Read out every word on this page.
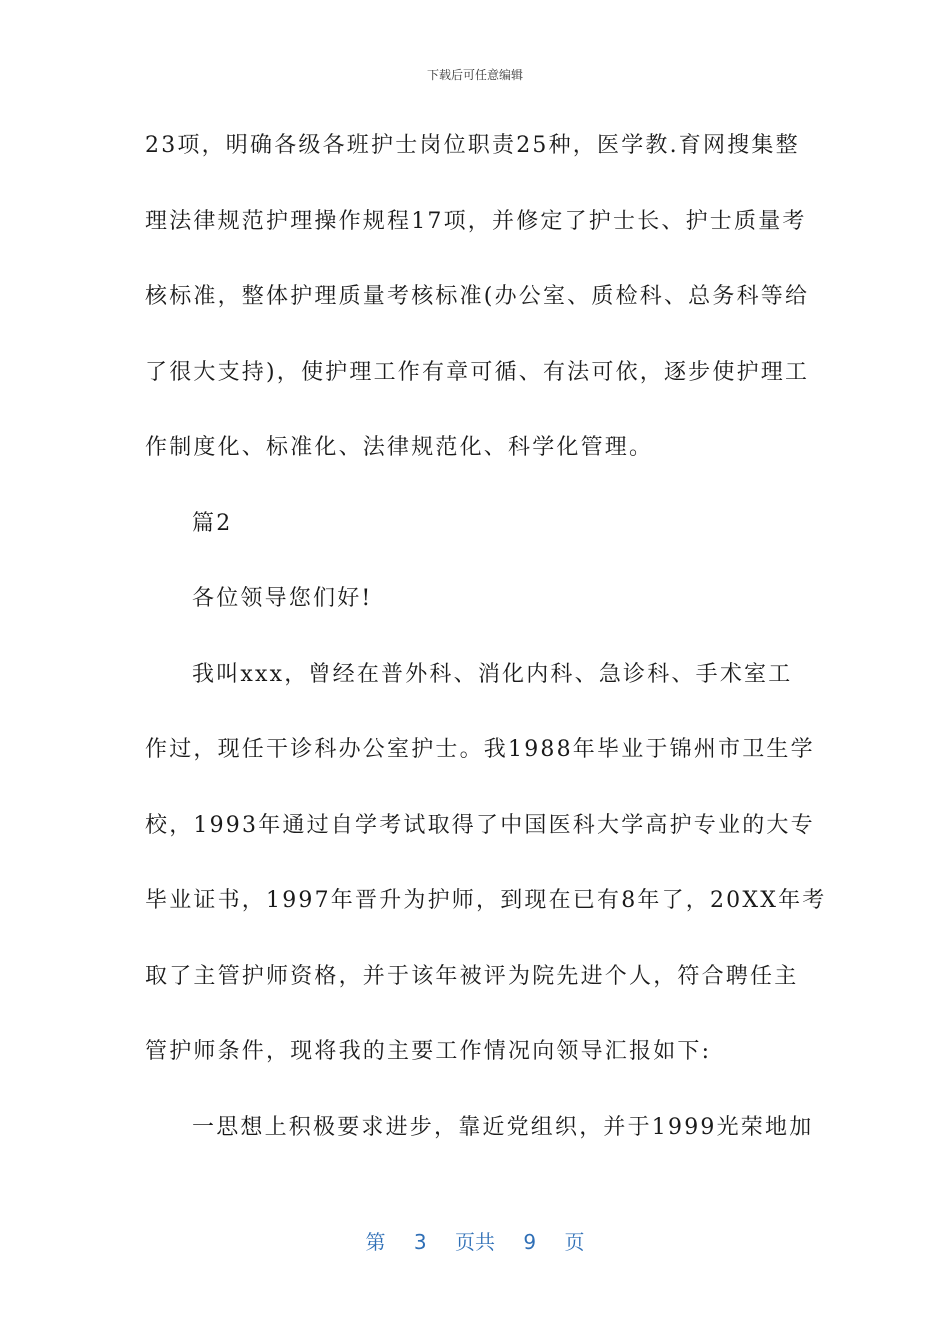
下载后可任意编辑
23项，明确各级各班护士岗位职责25种，医学教.育网搜集整
理法律规范护理操作规程17项，并修定了护士长、护士质量考
核标准，整体护理质量考核标准(办公室、质检科、总务科等给
了很大支持)，使护理工作有章可循、有法可依，逐步使护理工
作制度化、标准化、法律规范化、科学化管理。
篇2
各位领导您们好!
我叫xxx，曾经在普外科、消化内科、急诊科、手术室工
作过，现任干诊科办公室护士。我1988年毕业于锦州市卫生学
校，1993年通过自学考试取得了中国医科大学高护专业的大专
毕业证书，1997年晋升为护师，到现在已有8年了，20XX年考
取了主管护师资格，并于该年被评为院先进个人，符合聘任主
管护师条件，现将我的主要工作情况向领导汇报如下:
一思想上积极要求进步，靠近党组织，并于1999光荣地加
第 3 页共 9 页
